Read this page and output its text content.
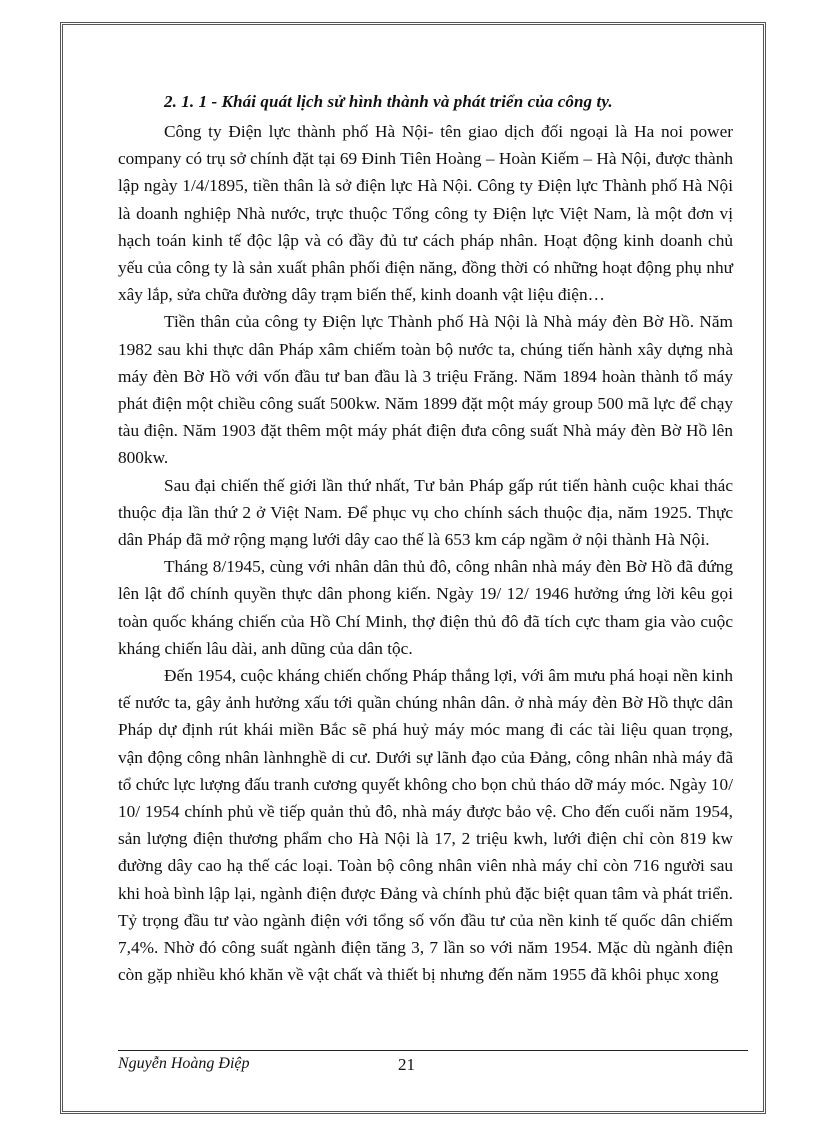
2. 1. 1 - Khái quát lịch sử hình thành và phát triển của công ty.

Công ty Điện lực thành phố Hà Nội- tên giao dịch đối ngoại là Ha noi power company có trụ sở chính đặt tại 69 Đinh Tiên Hoàng – Hoàn Kiếm – Hà Nội, được thành lập ngày 1/4/1895, tiền thân là sở điện lực Hà Nội. Công ty Điện lực Thành phố Hà Nội là doanh nghiệp Nhà nước, trực thuộc Tổng công ty Điện lực Việt Nam, là một đơn vị hạch toán kinh tế độc lập và có đầy đủ tư cách pháp nhân. Hoạt động kinh doanh chủ yếu của công ty là sản xuất phân phối điện năng, đồng thời có những hoạt động phụ như xây lắp, sửa chữa đường dây trạm biến thế, kinh doanh vật liệu điện…

Tiền thân của công ty Điện lực Thành phố Hà Nội là Nhà máy đèn Bờ Hồ. Năm 1982 sau khi thực dân Pháp xâm chiếm toàn bộ nước ta, chúng tiến hành xây dựng nhà máy đèn Bờ Hồ với vốn đầu tư ban đầu là 3 triệu Frăng. Năm 1894 hoàn thành tổ máy phát điện một chiều công suất 500kw. Năm 1899 đặt một máy group 500 mã lực để chạy tàu điện. Năm 1903 đặt thêm một máy phát điện đưa công suất Nhà máy đèn Bờ Hồ lên 800kw.

Sau đại chiến thế giới lần thứ nhất, Tư bản Pháp gấp rút tiến hành cuộc khai thác thuộc địa lần thứ 2 ở Việt Nam. Để phục vụ cho chính sách thuộc địa, năm 1925. Thực dân Pháp đã mở rộng mạng lưới dây cao thế là 653 km cáp ngầm ở nội thành Hà Nội.

Tháng 8/1945, cùng với nhân dân thủ đô, công nhân nhà máy đèn Bờ Hồ đã đứng lên lật đổ chính quyền thực dân phong kiến. Ngày 19/ 12/ 1946 hưởng ứng lời kêu gọi toàn quốc kháng chiến của Hồ Chí Minh, thợ điện thủ đô đã tích cực tham gia vào cuộc kháng chiến lâu dài, anh dũng của dân tộc.

Đến 1954, cuộc kháng chiến chống Pháp thắng lợi, với âm mưu phá hoại nền kinh tế nước ta, gây ảnh hưởng xấu tới quần chúng nhân dân. ở nhà máy đèn Bờ Hồ thực dân Pháp dự định rút khái miền Bắc sẽ phá huỷ máy móc mang đi các tài liệu quan trọng, vận động công nhân lànhnghề di cư. Dưới sự lãnh đạo của Đảng, công nhân nhà máy đã tổ chức lực lượng đấu tranh cương quyết không cho bọn chủ tháo dỡ máy móc. Ngày 10/ 10/ 1954 chính phủ về tiếp quản thủ đô, nhà máy được bảo vệ. Cho đến cuối năm 1954, sản lượng điện thương phẩm cho Hà Nội là 17, 2 triệu kwh, lưới điện chỉ còn 819 kw đường dây cao hạ thế các loại. Toàn bộ công nhân viên nhà máy chỉ còn 716 người sau khi hoà bình lập lại, ngành điện được Đảng và chính phủ đặc biệt quan tâm và phát triển. Tỷ trọng đầu tư vào ngành điện với tổng số vốn đầu tư của nền kinh tế quốc dân chiếm 7,4%. Nhờ đó công suất ngành điện tăng 3, 7 lần so với năm 1954. Mặc dù ngành điện còn gặp nhiều khó khăn về vật chất và thiết bị nhưng đến năm 1955 đã khôi phục xong

Nguyễn Hoàng Điệp	21
